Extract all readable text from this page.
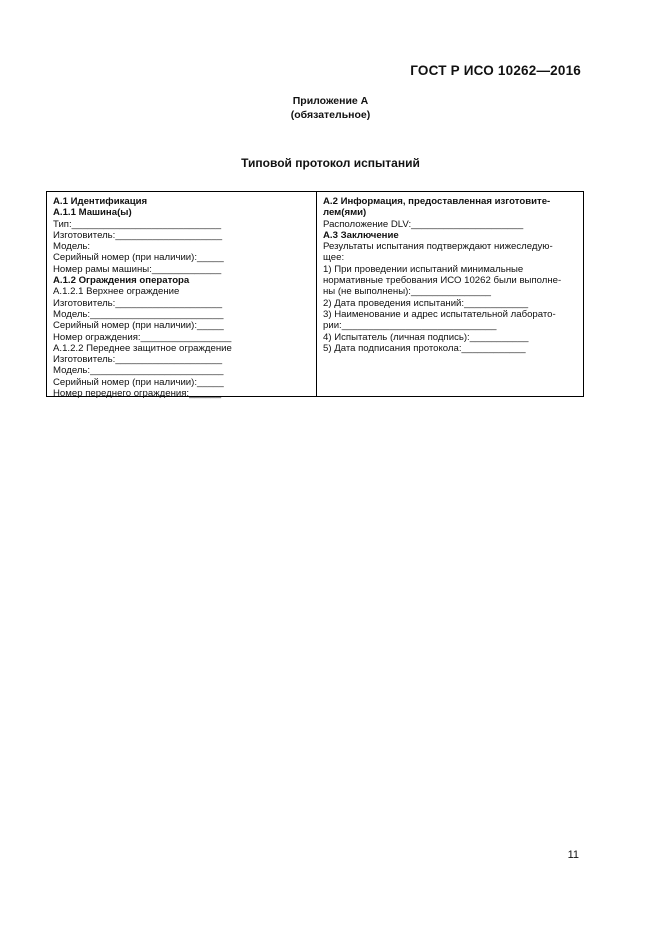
ГОСТ Р ИСО 10262—2016
Приложение А
(обязательное)
Типовой протокол испытаний
А.1 Идентификация
А.1.1 Машина(ы)
Тип:____________________________
Изготовитель:____________________
Модель:
Серийный номер (при наличии):_____
Номер рамы машины:_____________
А.1.2 Ограждения оператора
А.1.2.1 Верхнее ограждение
Изготовитель:____________________
Модель:_________________________
Серийный номер (при наличии):_____
Номер ограждения:_________________
А.1.2.2 Переднее защитное ограждение
Изготовитель:____________________
Модель:_________________________
Серийный номер (при наличии):_____
Номер переднего ограждения:______
А.2 Информация, предоставленная изготовите-
лем(ями)
Расположение DLV:_____________________
А.3 Заключение
Результаты испытания подтверждают нижеследую-
щее:
1) При проведении испытаний минимальные
нормативные требования ИСО 10262 были выполне-
ны (не выполнены):_______________
2) Дата проведения испытаний:____________
3) Наименование и адрес испытательной лаборато-
рии:_____________________________
4) Испытатель (личная подпись):___________
5) Дата подписания протокола:____________
11
